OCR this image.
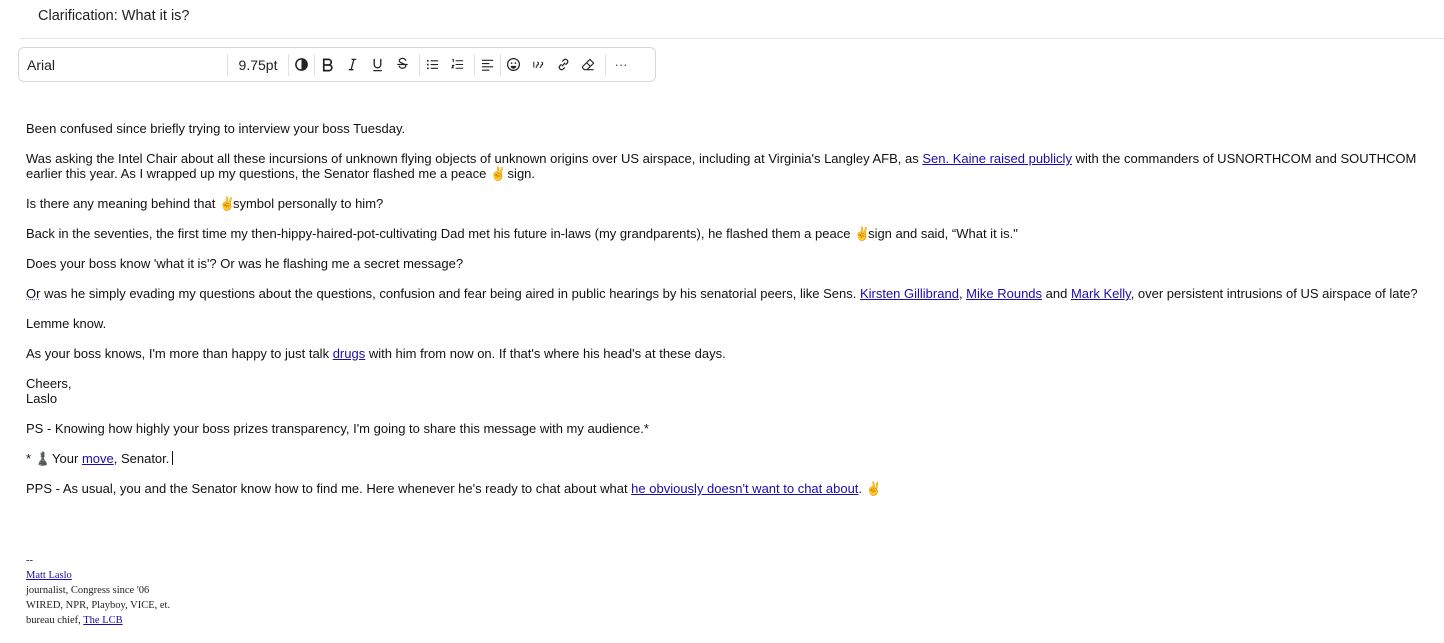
Clarification: What it is?
Arial	9.75pt	···

Been confused since briefly trying to interview your boss Tuesday.

Was asking the Intel Chair about all these incursions of unknown flying objects of unknown origins over US airspace, including at Virginia's Langley AFB, as Sen. Kaine raised publicly with the commanders of USNORTHCOM and SOUTHCOM earlier this year. As I wrapped up my questions, the Senator flashed me a peace ✌️ sign.

Is there any meaning behind that ✌️symbol personally to him?

Back in the seventies, the first time my then-hippy-haired-pot-cultivating Dad met his future in-laws (my grandparents), he flashed them a peace ✌️sign and said, “What it is."

Does your boss know 'what it is'? Or was he flashing me a secret message?

Or was he simply evading my questions about the questions, confusion and fear being aired in public hearings by his senatorial peers, like Sens. Kirsten Gillibrand, Mike Rounds and Mark Kelly, over persistent intrusions of US airspace of late?

Lemme know.

As your boss knows, I'm more than happy to just talk drugs with him from now on. If that's where his head's at these days.

Cheers,
Laslo

PS - Knowing how highly your boss prizes transparency, I'm going to share this message with my audience.*

* ♟️ Your move, Senator.

PPS - As usual, you and the Senator know how to find me. Here whenever he's ready to chat about what he obviously doesn't want to chat about. ✌️

--
Matt Laslo
journalist, Congress since '06
WIRED, NPR, Playboy, VICE, et.
bureau chief, The LCB
